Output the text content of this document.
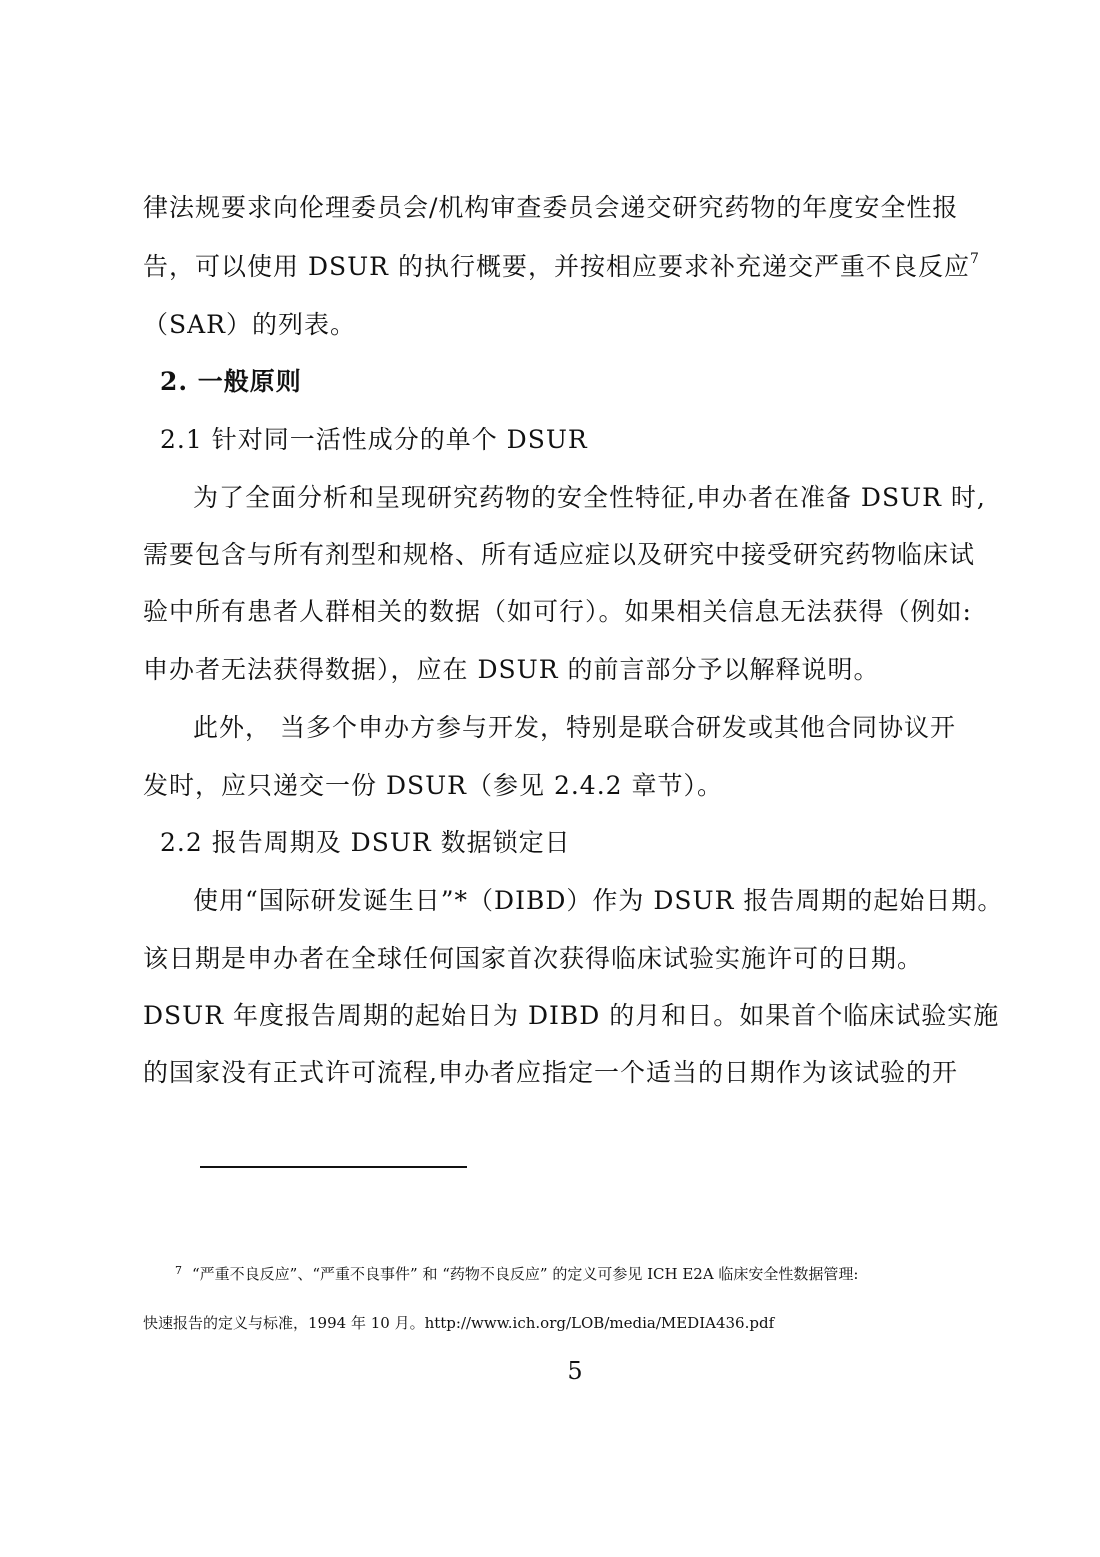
律法规要求向伦理委员会/机构审查委员会递交研究药物的年度安全性报
告，可以使用 DSUR 的执行概要，并按相应要求补充递交严重不良反应$^7$
（SAR）的列表。
2. 一般原则
2.1 针对同一活性成分的单个 DSUR
为了全面分析和呈现研究药物的安全性特征,申办者在准备 DSUR 时,
需要包含与所有剂型和规格、所有适应症以及研究中接受研究药物临床试
验中所有患者人群相关的数据（如可行）。如果相关信息无法获得（例如:
申办者无法获得数据），应在 DSUR 的前言部分予以解释说明。
此外， 当多个申办方参与开发，特别是联合研发或其他合同协议开
发时，应只递交一份 DSUR（参见 2.4.2 章节）。
2.2 报告周期及 DSUR 数据锁定日
使用“国际研发诞生日”*（DIBD）作为 DSUR 报告周期的起始日期。
该日期是申办者在全球任何国家首次获得临床试验实施许可的日期。
DSUR 年度报告周期的起始日为 DIBD 的月和日。如果首个临床试验实施
的国家没有正式许可流程,申办者应指定一个适当的日期作为该试验的开
$^7$ “严重不良反应”、“严重不良事件” 和 “药物不良反应” 的定义可参见 ICH E2A 临床安全性数据管理:
快速报告的定义与标准，1994 年 10 月。http://www.ich.org/LOB/media/MEDIA436.pdf
5
